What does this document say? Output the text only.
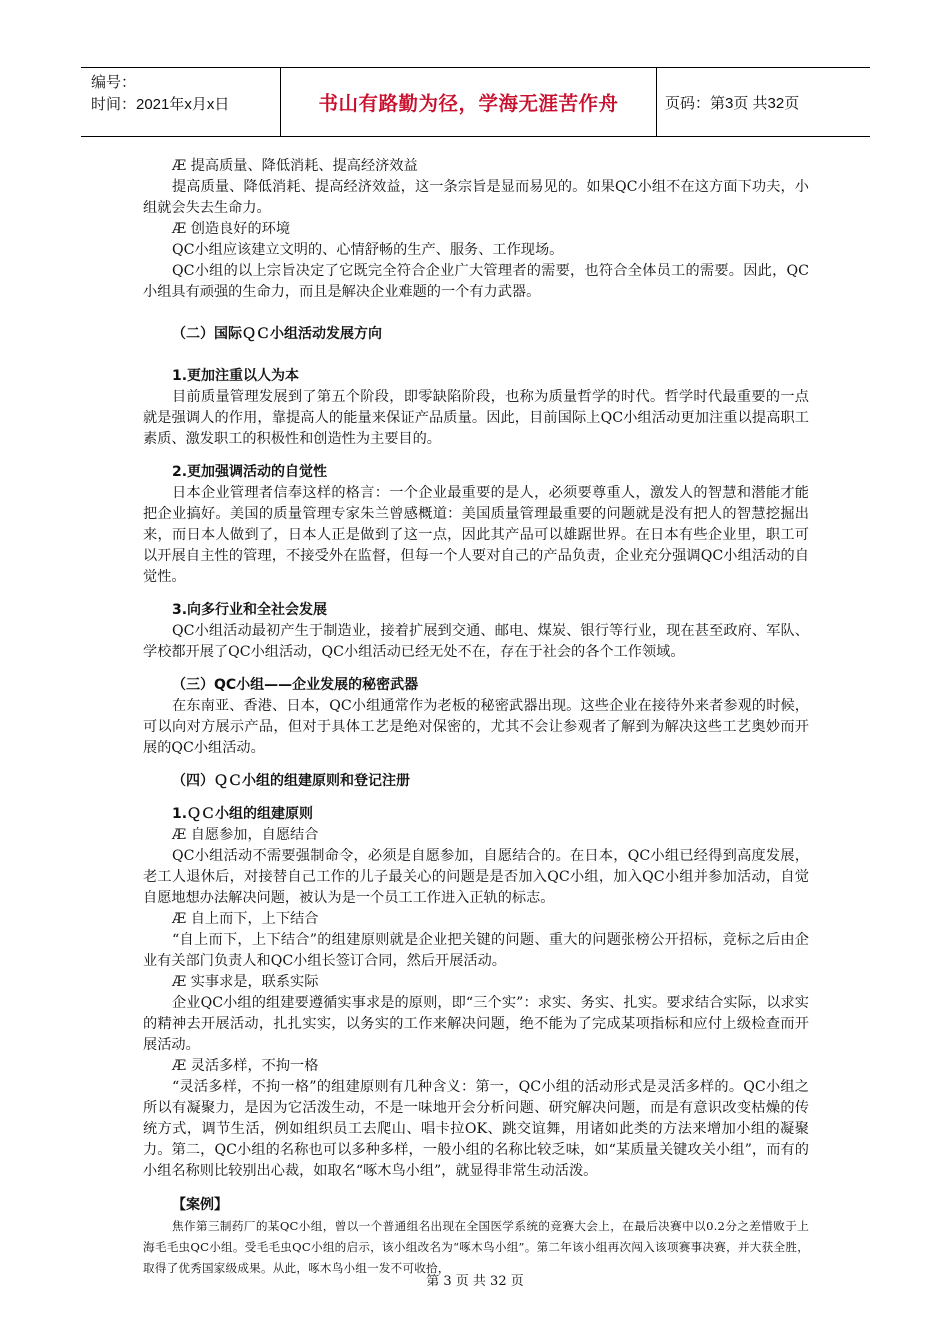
编号：
时间：2021年x月x日	书山有路勤为径，学海无涯苦作舟	页码：第3页 共32页
Æ 提高质量、降低消耗、提高经济效益
提高质量、降低消耗、提高经济效益，这一条宗旨是显而易见的。如果QC小组不在这方面下功夫，小组就会失去生命力。
Æ 创造良好的环境
QC小组应该建立文明的、心情舒畅的生产、服务、工作现场。
QC小组的以上宗旨决定了它既完全符合企业广大管理者的需要，也符合全体员工的需要。因此，QC小组具有顽强的生命力，而且是解决企业难题的一个有力武器。
（二）国际ＱＣ小组活动发展方向
1.更加注重以人为本
目前质量管理发展到了第五个阶段，即零缺陷阶段，也称为质量哲学的时代。哲学时代最重要的一点就是强调人的作用，靠提高人的能量来保证产品质量。因此，目前国际上QC小组活动更加注重以提高职工素质、激发职工的积极性和创造性为主要目的。
2.更加强调活动的自觉性
日本企业管理者信奉这样的格言：一个企业最重要的是人，必须要尊重人，激发人的智慧和潜能才能把企业搞好。美国的质量管理专家朱兰曾感概道：美国质量管理最重要的问题就是没有把人的智慧挖掘出来，而日本人做到了，日本人正是做到了这一点，因此其产品可以雄踞世界。在日本有些企业里，职工可以开展自主性的管理，不接受外在监督，但每一个人要对自己的产品负责，企业充分强调QC小组活动的自觉性。
3.向多行业和全社会发展
QC小组活动最初产生于制造业，接着扩展到交通、邮电、煤炭、银行等行业，现在甚至政府、军队、学校都开展了QC小组活动，QC小组活动已经无处不在，存在于社会的各个工作领域。
（三）QC小组——企业发展的秘密武器
在东南亚、香港、日本，QC小组通常作为老板的秘密武器出现。这些企业在接待外来者参观的时候，可以向对方展示产品，但对于具体工艺是绝对保密的，尤其不会让参观者了解到为解决这些工艺奥妙而开展的QC小组活动。
（四）ＱＣ小组的组建原则和登记注册
1.ＱＣ小组的组建原则
Æ 自愿参加，自愿结合
QC小组活动不需要强制命令，必须是自愿参加，自愿结合的。在日本，QC小组已经得到高度发展，老工人退休后，对接替自己工作的儿子最关心的问题是是否加入QC小组，加入QC小组并参加活动，自觉自愿地想办法解决问题，被认为是一个员工工作进入正轨的标志。
Æ 自上而下，上下结合
“自上而下，上下结合”的组建原则就是企业把关键的问题、重大的问题张榜公开招标，竞标之后由企业有关部门负责人和QC小组长签订合同，然后开展活动。
Æ 实事求是，联系实际
企业QC小组的组建要遵循实事求是的原则，即“三个实”：求实、务实、扎实。要求结合实际，以求实的精神去开展活动，扎扎实实，以务实的工作来解决问题，绝不能为了完成某项指标和应付上级检查而开展活动。
Æ 灵活多样，不拘一格
“灵活多样，不拘一格”的组建原则有几种含义：第一，QC小组的活动形式是灵活多样的。QC小组之所以有凝聚力，是因为它活泼生动，不是一味地开会分析问题、研究解决问题，而是有意识改变枯燥的传统方式，调节生活，例如组织员工去爬山、唱卡拉OK、跳交谊舞，用诸如此类的方法来增加小组的凝聚力。第二，QC小组的名称也可以多种多样，一般小组的名称比较乏味，如“某质量关键攻关小组”，而有的小组名称则比较别出心裁，如取名“啄木鸟小组”，就显得非常生动活泼。
【案例】
焦作第三制药厂的某QC小组，曾以一个普通组名出现在全国医学系统的竞赛大会上，在最后决赛中以0.2分之差惜败于上海毛毛虫QC小组。受毛毛虫QC小组的启示，该小组改名为“啄木鸟小组”。第二年该小组再次闯入该项赛事决赛，并大获全胜，取得了优秀国家级成果。从此，啄木鸟小组一发不可收拾，
第 3 页 共 32 页
